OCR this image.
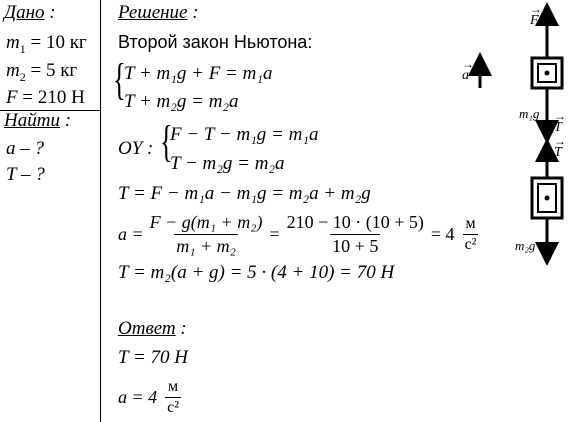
Дано :
$m_1 = 10$ кг
$m_2 = 5$ кг
F = 210 Н
Найти :
a – ?
T – ?
Решение :
Второй закон Ньютона:
{
T + m₁g + F = m₁a
T + m₂g = m₂a
OY : {
F − T − m₁g = m₁a
T − m₂g = m₂a
T = F − m₁a − m₁g = m₂a + m₂g
$a = \frac{\text{F − g(m₁ + m₂)}}{\text{m₁ + m₂}} = \frac{210 - 10 \cdot (10 + 5)}{10 + 5} = 4 \frac{м}{\text{с²}}$
T = m₂(a + g) = 5 · (4 + 10) = 70 Н
Ответ :
T = 70 Н
$a = 4 \frac{м}{\text{с²}}$
→ F
→ a
m₁g
→ T
→ T
m₂g
